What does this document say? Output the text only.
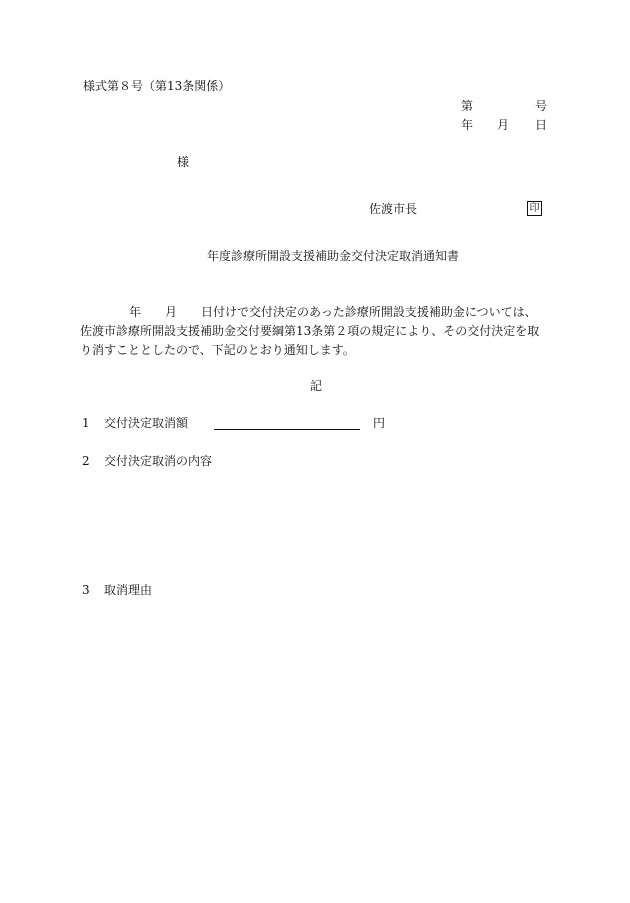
様式第８号（第13条関係）
第	号
年 月 日
様
佐渡市長	印
年度診療所開設支援補助金交付決定取消通知書
年 月 日付けで交付決定のあった診療所開設支援補助金については、
佐渡市診療所開設支援補助金交付要綱第13条第２項の規定により、その交付決定を取
り消すこととしたので、下記のとおり通知します。
記
1 交付決定取消額	円
2 交付決定取消の内容
3 取消理由
